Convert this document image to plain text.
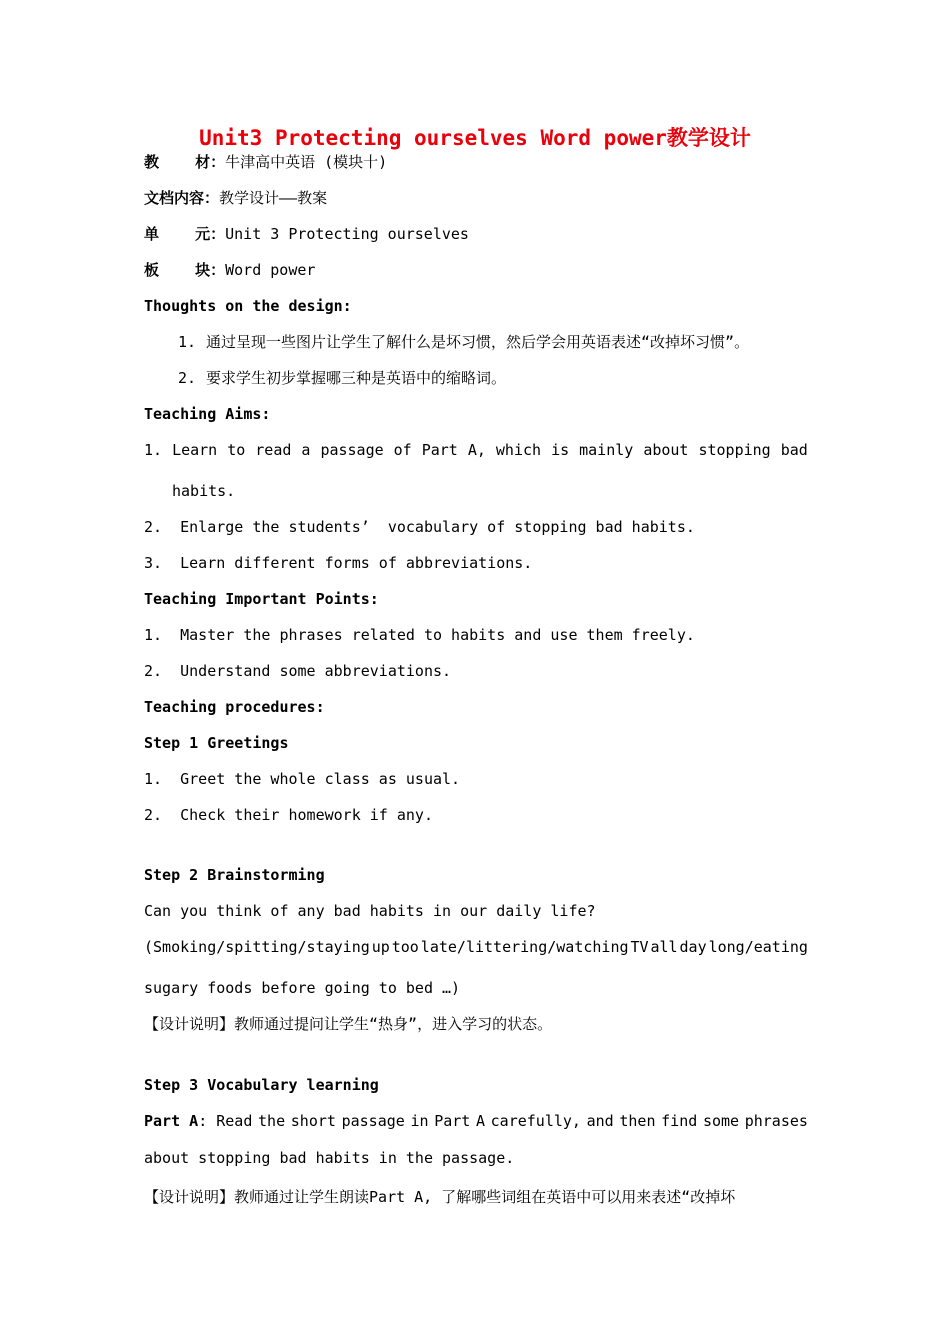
Unit3 Protecting ourselves Word power教学设计
教    材：牛津高中英语 (模块十)
文档内容：教学设计——教案
单    元：Unit 3 Protecting ourselves
板    块：Word power
Thoughts on the design:
1. 通过呈现一些图片让学生了解什么是坏习惯，然后学会用英语表述“改掉坏习惯”。
2. 要求学生初步掌握哪三种是英语中的缩略词。
Teaching Aims:
1. Learn to read a passage of Part A, which is mainly about stopping bad
habits.
2.  Enlarge the students’  vocabulary of stopping bad habits.
3.  Learn different forms of abbreviations.
Teaching Important Points:
1.  Master the phrases related to habits and use them freely.
2.  Understand some abbreviations.
Teaching procedures:
Step 1 Greetings
1.  Greet the whole class as usual.
2.  Check their homework if any.
Step 2 Brainstorming
Can you think of any bad habits in our daily life?
(Smoking/spitting/staying up too late/littering/watching TV all day long/eating
sugary foods before going to bed …)
【设计说明】教师通过提问让学生“热身”，进入学习的状态。
Step 3 Vocabulary learning
Part A: Read the short passage in Part A carefully, and then find some phrases
about stopping bad habits in the passage.
【设计说明】教师通过让学生朗读Part A, 了解哪些词组在英语中可以用来表述“改掉坏
